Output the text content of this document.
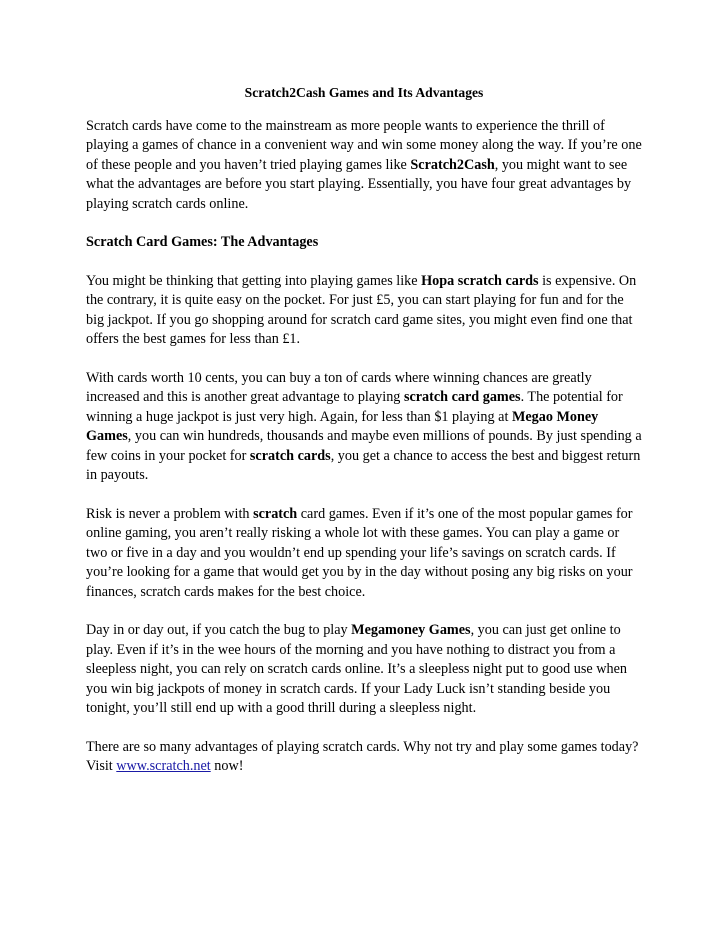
Scratch2Cash Games and Its Advantages

Scratch cards have come to the mainstream as more people wants to experience the thrill of playing a games of chance in a convenient way and win some money along the way. If you’re one of these people and you haven’t tried playing games like Scratch2Cash, you might want to see what the advantages are before you start playing. Essentially, you have four great advantages by playing scratch cards online.

Scratch Card Games: The Advantages

You might be thinking that getting into playing games like Hopa scratch cards is expensive. On the contrary, it is quite easy on the pocket. For just £5, you can start playing for fun and for the big jackpot. If you go shopping around for scratch card game sites, you might even find one that offers the best games for less than £1.

With cards worth 10 cents, you can buy a ton of cards where winning chances are greatly increased and this is another great advantage to playing scratch card games. The potential for winning a huge jackpot is just very high. Again, for less than $1 playing at Megao Money Games, you can win hundreds, thousands and maybe even millions of pounds. By just spending a few coins in your pocket for scratch cards, you get a chance to access the best and biggest return in payouts.

Risk is never a problem with scratch card games. Even if it’s one of the most popular games for online gaming, you aren’t really risking a whole lot with these games. You can play a game or two or five in a day and you wouldn’t end up spending your life’s savings on scratch cards. If you’re looking for a game that would get you by in the day without posing any big risks on your finances, scratch cards makes for the best choice.

Day in or day out, if you catch the bug to play Megamoney Games, you can just get online to play. Even if it’s in the wee hours of the morning and you have nothing to distract you from a sleepless night, you can rely on scratch cards online. It’s a sleepless night put to good use when you win big jackpots of money in scratch cards. If your Lady Luck isn’t standing beside you tonight, you’ll still end up with a good thrill during a sleepless night.

There are so many advantages of playing scratch cards. Why not try and play some games today? Visit www.scratch.net now!
